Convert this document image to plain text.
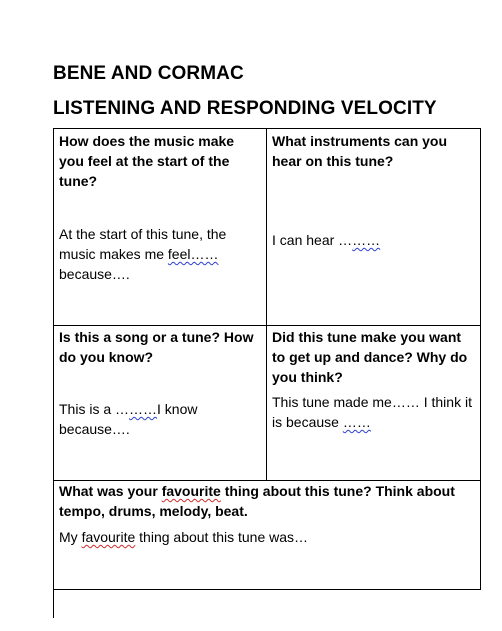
BENE AND CORMAC
LISTENING AND RESPONDING VELOCITY
How does the music make you feel at the start of the tune?
At the start of this tune, the music makes me feel……because….
What instruments can you hear on this tune?
I can hear ………
Is this a song or a tune? How do you know?
This is a ………I know because….
Did this tune make you want to get up and dance? Why do you think?
This tune made me…… I think it is because ……
What was your favourite thing about this tune? Think about tempo, drums, melody, beat.
My favourite thing about this tune was…
